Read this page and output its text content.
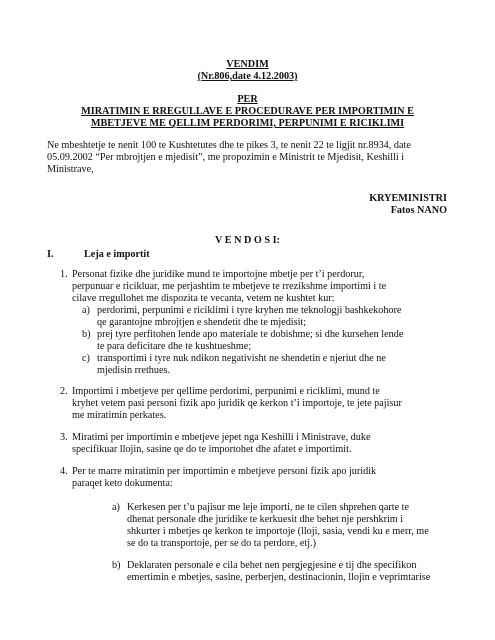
VENDIM
(Nr.806,date 4.12.2003)
PER
MIRATIMIN E RREGULLAVE E PROCEDURAVE PER IMPORTIMIN E
MBETJEVE ME QELLIM PERDORIMI, PERPUNIMI E RICIKLIMI
Ne mbeshtetje te nenit 100 te Kushtetutes dhe te pikes 3, te nenit 22 te ligjit nr.8934, date
05.09.2002 “Per mbrojtjen e mjedisit”, me propozimin e Ministrit te Mjedisit, Keshilli i
Ministrave,
KRYEMINISTRI
Fatos NANO
V E N D O S I:
I.	Leja e importit
1. Personat fizike dhe juridike mund te importojne mbetje per t’i perdorur,
perpunuar e ricikluar, me perjashtim te mbetjeve te rrezikshme importimi i te
cilave rregullohet me dispozita te vecanta, vetem ne kushtet kur:
a) perdorimi, perpunimi e riciklimi i tyre kryhen me teknologji bashkekohore
qe garantojne mbrojtjen e shendetit dhe te mjedisit;
b) prej tyre perfitohen lende apo materiale te dobishme; si dhe kursehen lende
te para deficitare dhe te kushtueshme;
c) transportimi i tyre nuk ndikon negativisht ne shendetin e njeriut dhe ne
mjedisin rrethues.
2. Importimi i mbetjeve per qellime perdorimi, perpunimi e riciklimi, mund te
kryhet vetem pasi personi fizik apo juridik qe kerkon t’i importoje, te jete pajisur
me miratimin perkates.
3. Miratimi per importimin e mbetjeve jepet nga Keshilli i Ministrave, duke
specifikuar llojin, sasine qe do te importohet dhe afatet e importimit.
4. Per te marre miratimin per importimin e mbetjeve personi fizik apo juridik
paraqet keto dokumenta:
a) Kerkesen per t’u pajisur me leje importi, ne te cilen shprehen qarte te
dhenat personale dhe juridike te kerkuesit dhe behet nje pershkrim i
shkurter i mbetjes qe kerkon te importoje (lloji, sasia, vendi ku e merr, me
se do ta transportoje, per se do ta perdore, etj.)
b) Deklaraten personale e cila behet nen pergjegjesine e tij dhe specifikon
emertimin e mbetjes, sasine, perberjen, destinacionin, llojin e veprimtarise
